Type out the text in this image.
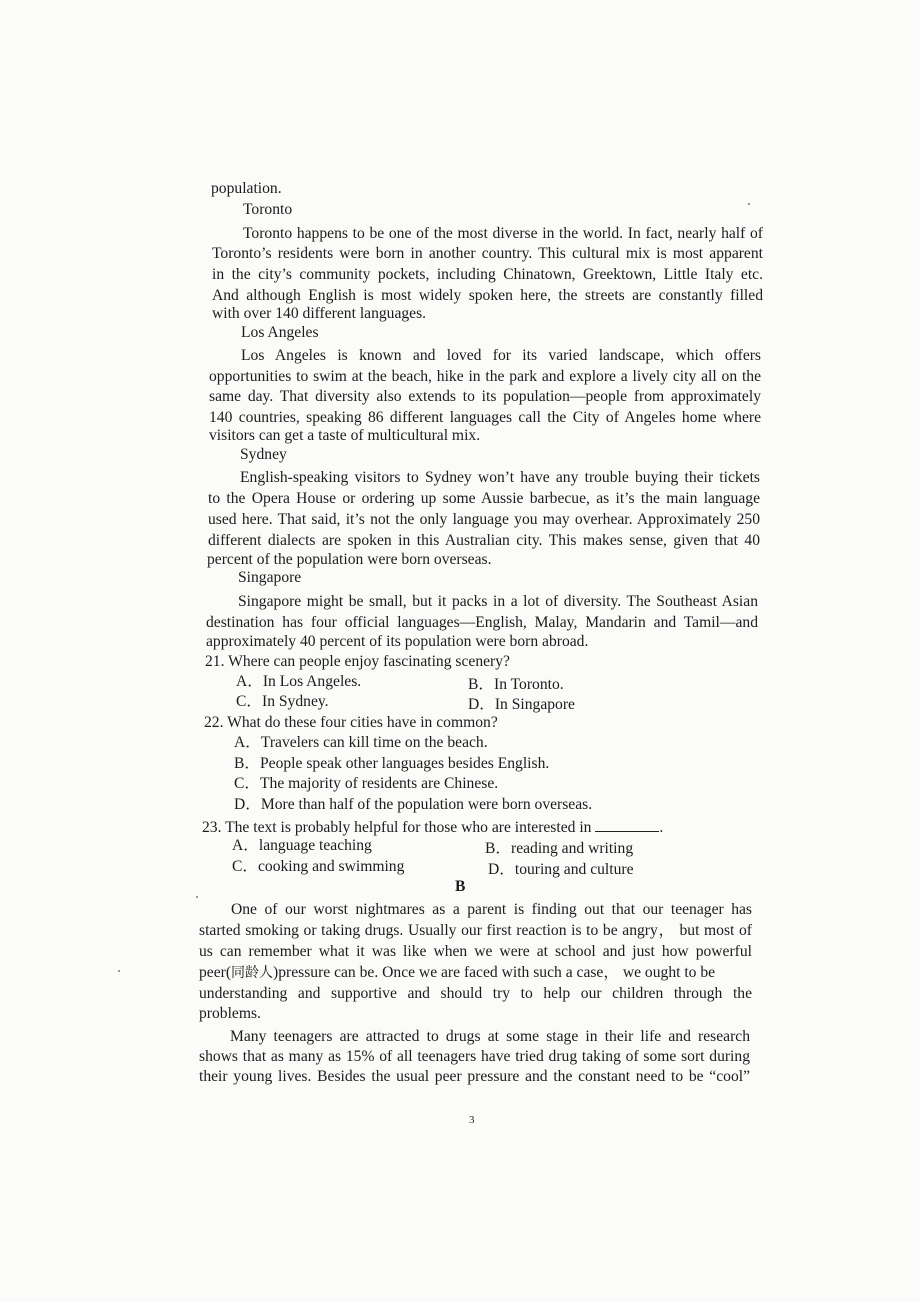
population.
Toronto
Toronto happens to be one of the most diverse in the world. In fact, nearly half of
Toronto’s residents were born in another country. This cultural mix is most apparent
in the city’s community pockets, including Chinatown, Greektown, Little Italy etc.
And although English is most widely spoken here, the streets are constantly filled
with over 140 different languages.
Los Angeles
Los Angeles is known and loved for its varied landscape, which offers
opportunities to swim at the beach, hike in the park and explore a lively city all on the
same day. That diversity also extends to its population—people from approximately
140 countries, speaking 86 different languages call the City of Angeles home where
visitors can get a taste of multicultural mix.
Sydney
English-speaking visitors to Sydney won’t have any trouble buying their tickets
to the Opera House or ordering up some Aussie barbecue, as it’s the main language
used here. That said, it’s not the only language you may overhear. Approximately 250
different dialects are spoken in this Australian city. This makes sense, given that 40
percent of the population were born overseas.
Singapore
Singapore might be small, but it packs in a lot of diversity. The Southeast Asian
destination has four official languages—English, Malay, Mandarin and Tamil—and
approximately 40 percent of its population were born abroad.
21. Where can people enjoy fascinating scenery?
A．In Los Angeles.	B．In Toronto.
C．In Sydney.	D．In Singapore
22. What do these four cities have in common?
A．Travelers can kill time on the beach.
B．People speak other languages besides English.
C．The majority of residents are Chinese.
D．More than half of the population were born overseas.
23. The text is probably helpful for those who are interested in	.
A．language teaching	B．reading and writing
C．cooking and swimming	D．touring and culture
B
One of our worst nightmares as a parent is finding out that our teenager has
started smoking or taking drugs. Usually our first reaction is to be angry， but most of
us can remember what it was like when we were at school and just how powerful
peer(同龄人)pressure can be. Once we are faced with such a case， we ought to be
understanding and supportive and should try to help our children through the
problems.
Many teenagers are attracted to drugs at some stage in their life and research
shows that as many as 15% of all teenagers have tried drug taking of some sort during
their young lives. Besides the usual peer pressure and the constant need to be “cool”
3
